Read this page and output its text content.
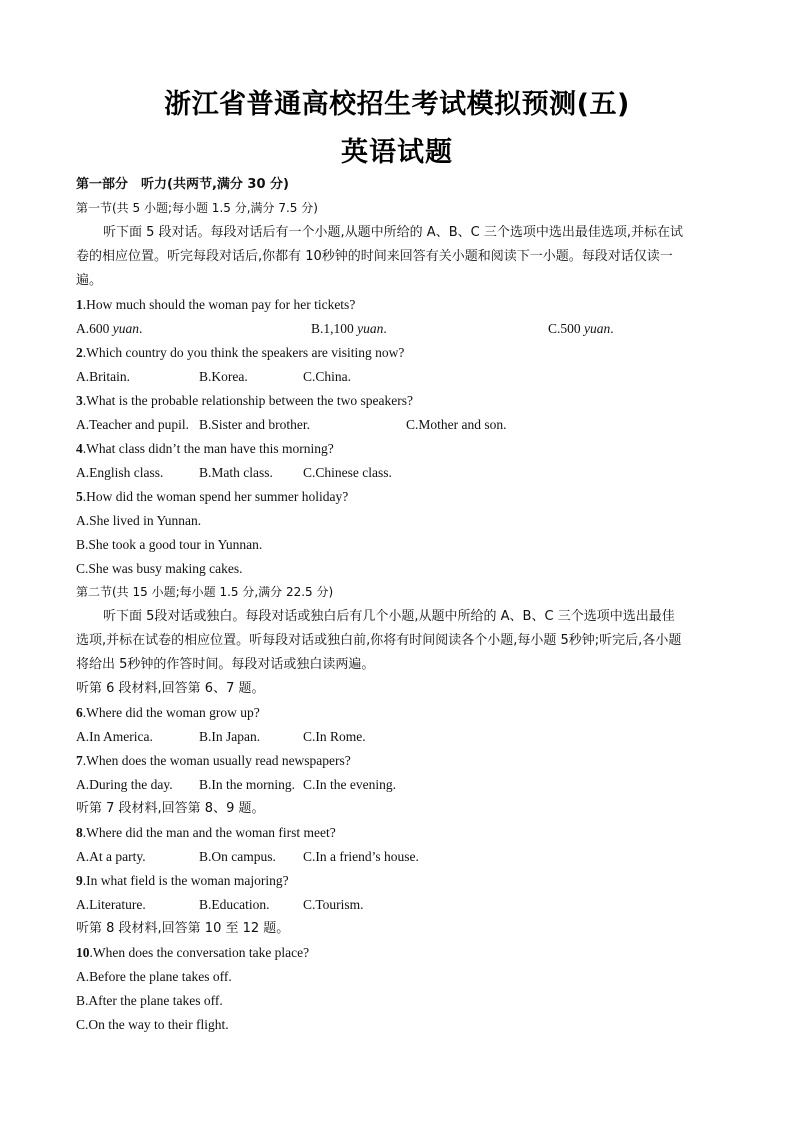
浙江省普通高校招生考试模拟预测(五)
英语试题
第一部分　听力(共两节,满分 30 分)
第一节(共 5 小题;每小题 1.5 分,满分 7.5 分)
听下面 5 段对话。每段对话后有一个小题,从题中所给的 A、B、C 三个选项中选出最佳选项,并标在试
卷的相应位置。听完每段对话后,你都有 10秒钟的时间来回答有关小题和阅读下一小题。每段对话仅读一
遍。
1.How much should the woman pay for her tickets?
A.600 yuan.	B.1,100 yuan.	C.500 yuan.
2.Which country do you think the speakers are visiting now?
A.Britain.	B.Korea.	C.China.
3.What is the probable relationship between the two speakers?
A.Teacher and pupil. B.Sister and brother.	C.Mother and son.
4.What class didn’t the man have this morning?
A.English class.	B.Math class. C.Chinese class.
5.How did the woman spend her summer holiday?
A.She lived in Yunnan.
B.She took a good tour in Yunnan.
C.She was busy making cakes.
第二节(共 15 小题;每小题 1.5 分,满分 22.5 分)
听下面 5段对话或独白。每段对话或独白后有几个小题,从题中所给的 A、B、C 三个选项中选出最佳
选项,并标在试卷的相应位置。听每段对话或独白前,你将有时间阅读各个小题,每小题 5秒钟;听完后,各小题
将给出 5秒钟的作答时间。每段对话或独白读两遍。
听第 6 段材料,回答第 6、7 题。
6.Where did the woman grow up?
A.In America.	B.In Japan.	C.In Rome.
7.When does the woman usually read newspapers?
A.During the day. B.In the morning. C.In the evening.
听第 7 段材料,回答第 8、9 题。
8.Where did the man and the woman first meet?
A.At a party.	B.On campus. C.In a friend’s house.
9.In what field is the woman majoring?
A.Literature.	B.Education. C.Tourism.
听第 8 段材料,回答第 10 至 12 题。
10.When does the conversation take place?
A.Before the plane takes off.
B.After the plane takes off.
C.On the way to their flight.
